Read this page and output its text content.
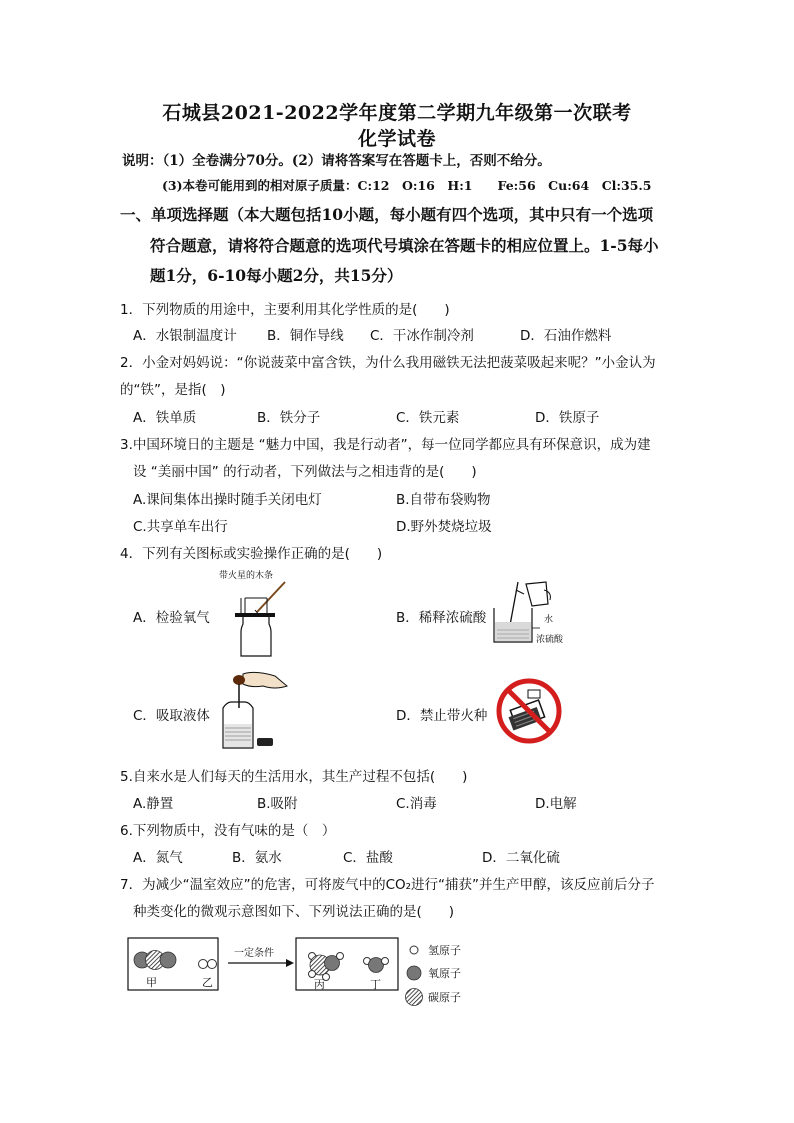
石城县2021-2022学年度第二学期九年级第一次联考
化学试卷
说明：（1）全卷满分70分。(2）请将答案写在答题卡上，否则不给分。
(3)本卷可能用到的相对原子质量：C:12　O:16　H:1　　Fe:56　Cu:64　Cl:35.5
一、单项选择题（本大题包括10小题，每小题有四个选项，其中只有一个选项
符合题意，请将符合题意的选项代号填涂在答题卡的相应位置上。1-5每小
题1分，6-10每小题2分，共15分）
1．下列物质的用途中，主要利用其化学性质的是(　　)
A．水银制温度计 B．铜作导线 C．干冰作制冷剂	D．石油作燃料
2．小金对妈妈说：“你说菠菜中富含铁，为什么我用磁铁无法把菠菜吸起来呢？”小金认为
的“铁”，是指(　)
A．铁单质	B．铁分子	C．铁元素	D．铁原子
3.中国环境日的主题是 “魅力中国，我是行动者”，每一位同学都应具有环保意识，成为建
设 “美丽中国” 的行动者，下列做法与之相违背的是(　　)
A.课间集体出操时随手关闭电灯	B.自带布袋购物
C.共享单车出行	D.野外焚烧垃圾
4．下列有关图标或实验操作正确的是(　　)
A．检验氧气	B．稀释浓硫酸
C．吸取液体	D．禁止带火种
带火星的木条
水
浓硫酸
5.自来水是人们每天的生活用水，其生产过程不包括(　　)
A.静置	B.吸附	C.消毒	D.电解
6.下列物质中，没有气味的是（　）
A．氮气	B．氨水	C．盐酸	D．二氧化硫
7．为减少“温室效应”的危害，可将废气中的CO₂进行“捕获”并生产甲醇，该反应前后分子
种类变化的微观示意图如下、下列说法正确的是(　　)
甲	乙
一定条件
丙	丁
氢原子
氧原子
碳原子
